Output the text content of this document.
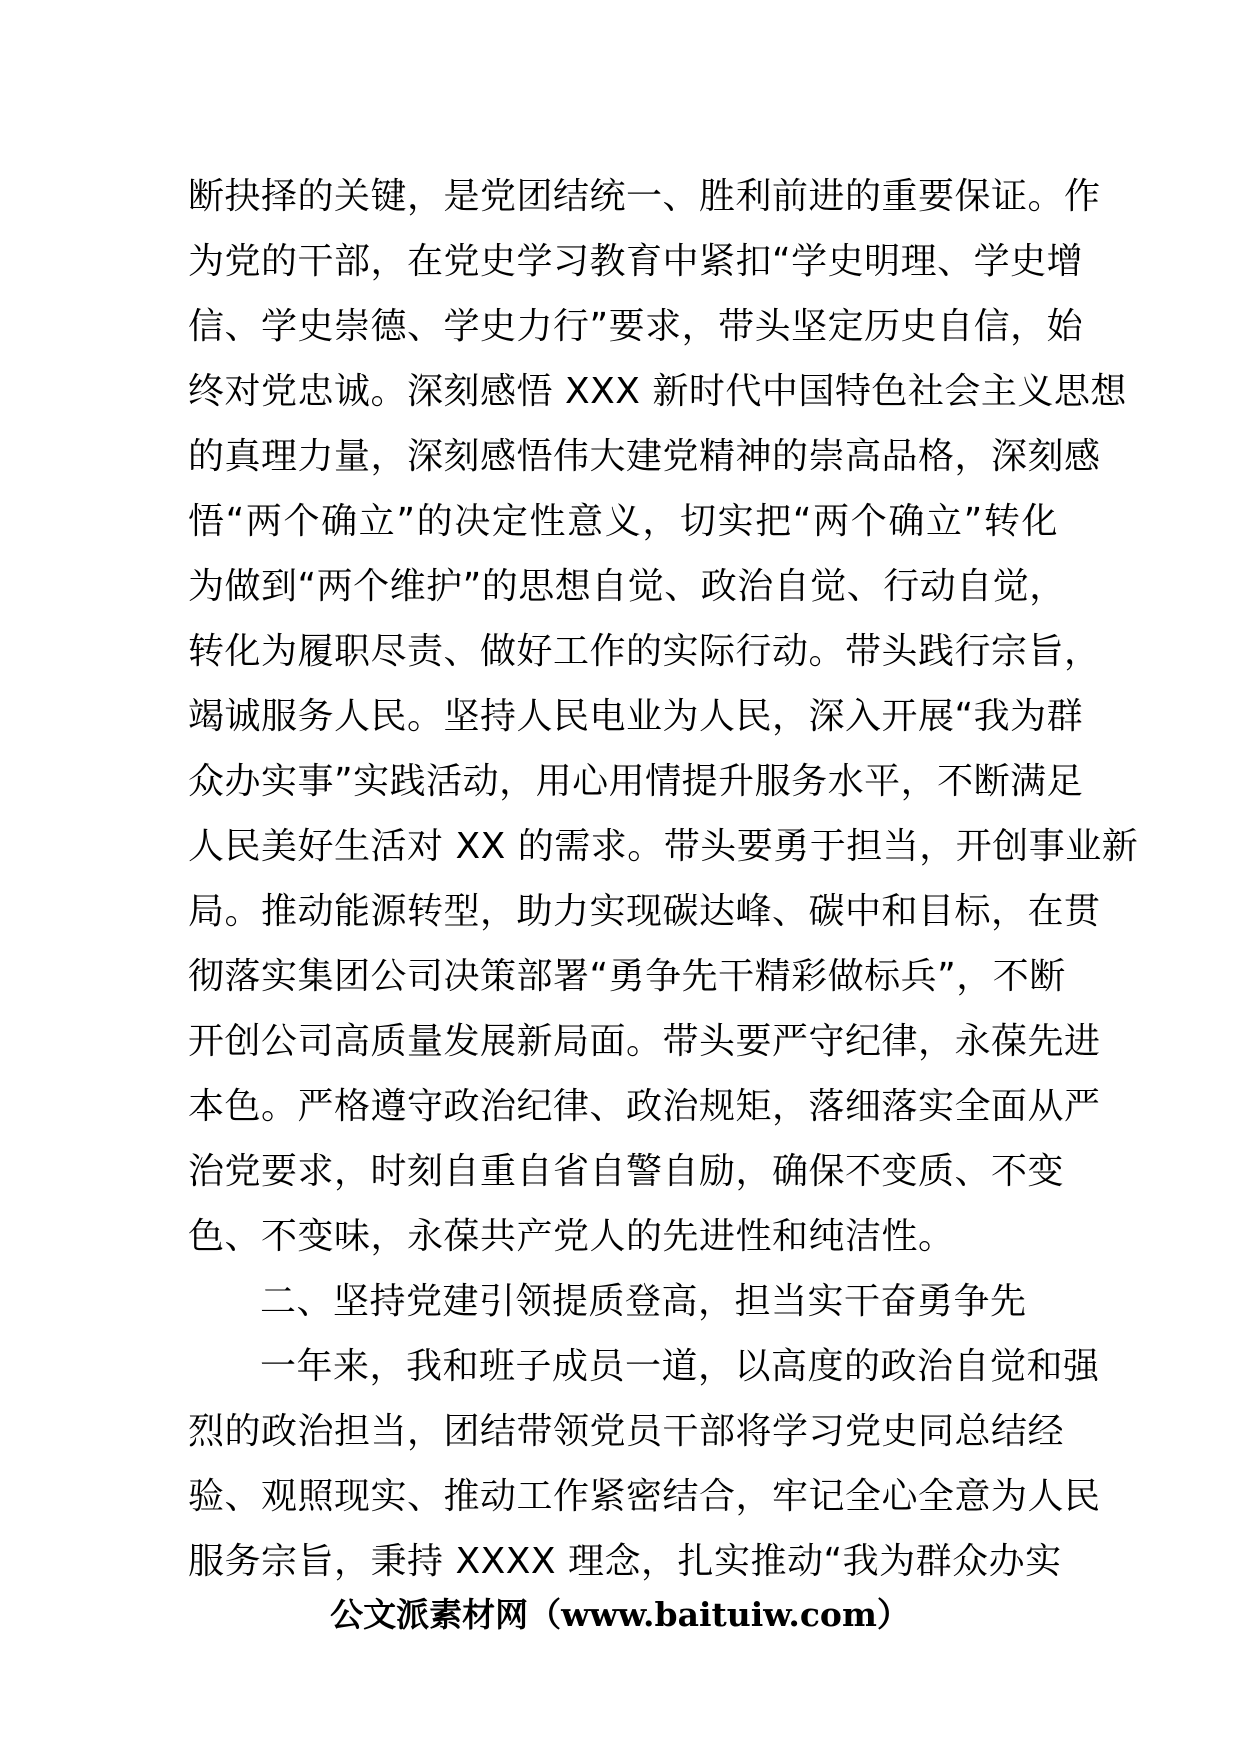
断抉择的关键，是党团结统一、胜利前进的重要保证。作
为党的干部，在党史学习教育中紧扣“学史明理、学史增
信、学史崇德、学史力行”要求，带头坚定历史自信，始
终对党忠诚。深刻感悟 XXX 新时代中国特色社会主义思想
的真理力量，深刻感悟伟大建党精神的崇高品格，深刻感
悟“两个确立”的决定性意义，切实把“两个确立”转化
为做到“两个维护”的思想自觉、政治自觉、行动自觉，
转化为履职尽责、做好工作的实际行动。带头践行宗旨，
竭诚服务人民。坚持人民电业为人民，深入开展“我为群
众办实事”实践活动，用心用情提升服务水平，不断满足
人民美好生活对 XX 的需求。带头要勇于担当，开创事业新
局。推动能源转型，助力实现碳达峰、碳中和目标，在贯
彻落实集团公司决策部署“勇争先干精彩做标兵”，不断
开创公司高质量发展新局面。带头要严守纪律，永葆先进
本色。严格遵守政治纪律、政治规矩，落细落实全面从严
治党要求，时刻自重自省自警自励，确保不变质、不变
色、不变味，永葆共产党人的先进性和纯洁性。
二、坚持党建引领提质登高，担当实干奋勇争先
一年来，我和班子成员一道，以高度的政治自觉和强
烈的政治担当，团结带领党员干部将学习党史同总结经
验、观照现实、推动工作紧密结合，牢记全心全意为人民
服务宗旨，秉持 XXXX 理念，扎实推动“我为群众办实
公文派素材网（www.baituiw.com）
